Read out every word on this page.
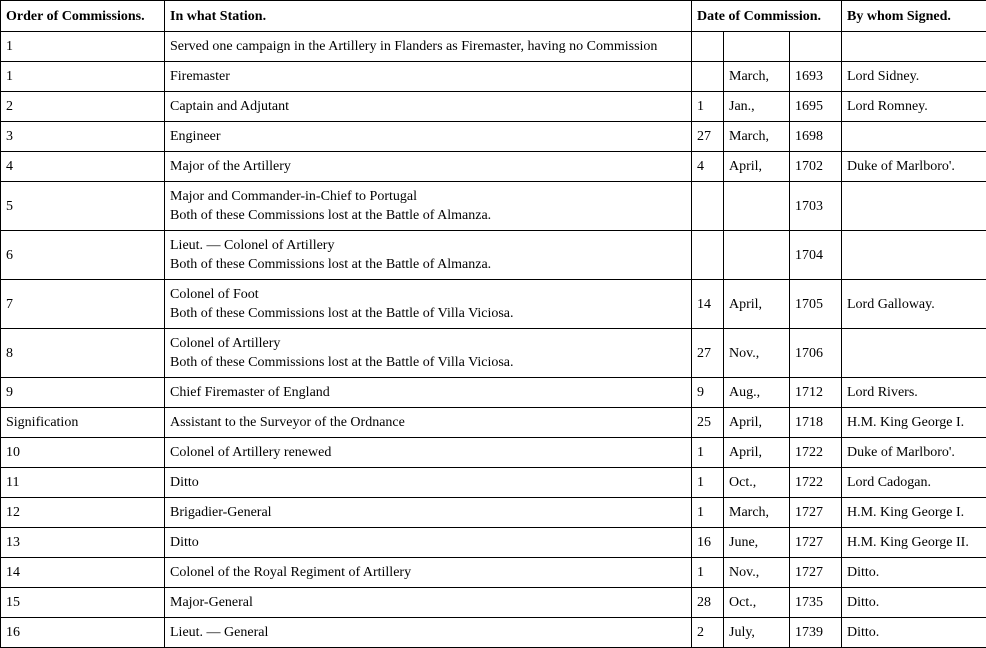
Order of Commissions.	In what Station.	Date of Commission.			By whom Signed.
1	Served one campaign in the Artillery in Flanders as Firemaster, having no Commission				

1	Firemaster		March,	1693	Lord Sidney.
2	Captain and Adjutant	1	Jan.,	1695	Lord Romney.
3	Engineer	27	March,	1698	
4	Major of the Artillery	4	April,	1702	Duke of Marlboro'.
5	Major and Commander-in-Chief to Portugal
Both of these Commissions lost at the Battle of Almanza.			1703	
6	Lieut. — Colonel of Artillery
Both of these Commissions lost at the Battle of Almanza.			1704	
7	Colonel of Foot
Both of these Commissions lost at the Battle of Villa Viciosa.	14	April,	1705	Lord Galloway.
8	Colonel of Artillery
Both of these Commissions lost at the Battle of Villa Viciosa.	27	Nov.,	1706	
9	Chief Firemaster of England	9	Aug.,	1712	Lord Rivers.
Signification	Assistant to the Surveyor of the Ordnance	25	April,	1718	H.M. King George I.
10	Colonel of Artillery renewed	1	April,	1722	Duke of Marlboro'.
11	Ditto	1	Oct.,	1722	Lord Cadogan.
12	Brigadier-General	1	March,	1727	H.M. King George I.
13	Ditto	16	June,	1727	H.M. King George II.
14	Colonel of the Royal Regiment of Artillery	1	Nov.,	1727	Ditto.
15	Major-General	28	Oct.,	1735	Ditto.
16	Lieut. — General	2	July,	1739	Ditto.
